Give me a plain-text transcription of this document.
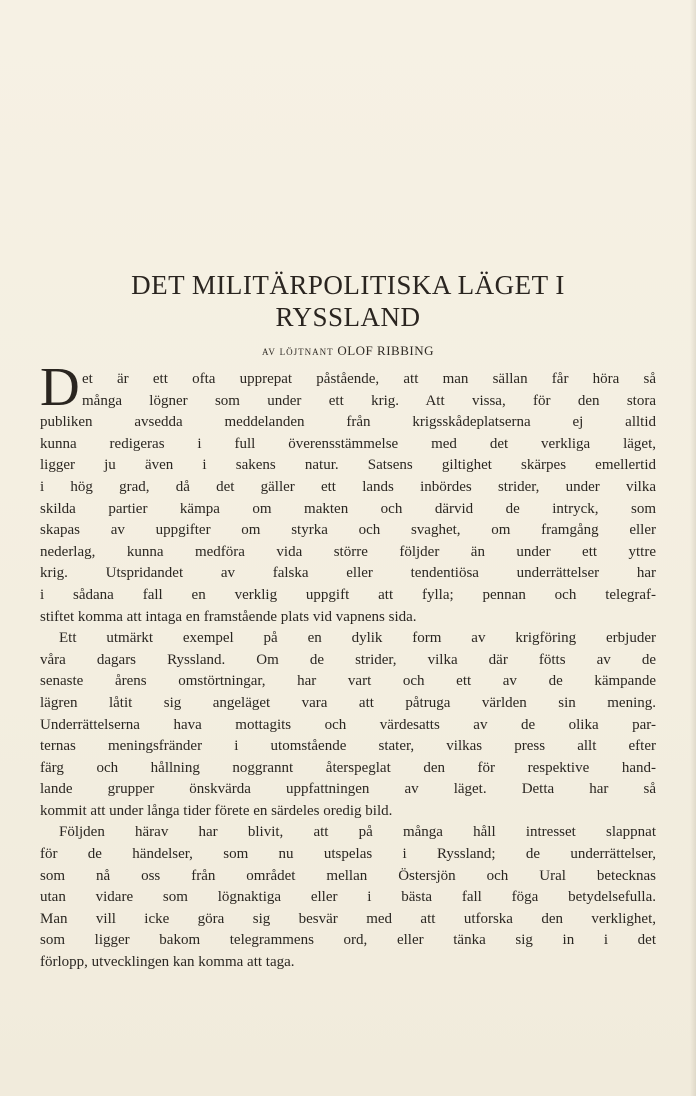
DET MILITÄRPOLITISKA LÄGET I
RYSSLAND
AV LÖJTNANT OLOF RIBBING
D et är ett ofta upprepat påstående, att man sällan får höra så
många lögner som under ett krig. Att vissa, för den stora
publiken avsedda meddelanden från krigsskådeplatserna ej alltid
kunna redigeras i full överensstämmelse med det verkliga läget,
ligger ju även i sakens natur. Satsens giltighet skärpes emellertid
i hög grad, då det gäller ett lands inbördes strider, under vilka
skilda partier kämpa om makten och därvid de intryck, som
skapas av uppgifter om styrka och svaghet, om framgång eller
nederlag, kunna medföra vida större följder än under ett yttre
krig. Utspridandet av falska eller tendentiösa underrättelser har
i sådana fall en verklig uppgift att fylla; pennan och telegraf-
stiftet komma att intaga en framstående plats vid vapnens sida.
Ett utmärkt exempel på en dylik form av krigföring erbjuder
våra dagars Ryssland. Om de strider, vilka där fötts av de
senaste årens omstörtningar, har vart och ett av de kämpande
lägren låtit sig angeläget vara att påtruga världen sin mening.
Underrättelserna hava mottagits och värdesatts av de olika par-
ternas meningsfränder i utomstående stater, vilkas press allt efter
färg och hållning noggrannt återspeglat den för respektive hand-
lande grupper önskvärda uppfattningen av läget. Detta har så
kommit att under långa tider förete en särdeles oredig bild.
Följden härav har blivit, att på många håll intresset slappnat
för de händelser, som nu utspelas i Ryssland; de underrättelser,
som nå oss från området mellan Östersjön och Ural betecknas
utan vidare som lögnaktiga eller i bästa fall föga betydelsefulla.
Man vill icke göra sig besvär med att utforska den verklighet,
som ligger bakom telegrammens ord, eller tänka sig in i det
förlopp, utvecklingen kan komma att taga.
